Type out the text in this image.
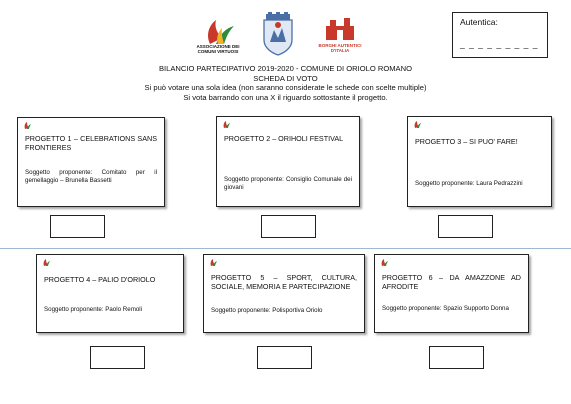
ASSOCIAZIONE DEI COMUNI VIRTUOSI
BORGHI AUTENTICI D'ITALIA
Autentica:
_ _ _ _ _ _ _ _ _
BILANCIO PARTECIPATIVO 2019-2020 - COMUNE DI ORIOLO ROMANO
SCHEDA DI VOTO
Si può votare una sola idea (non saranno considerate le schede con scelte multiple)
Si vota barrando con una X il riguardo sottostante il progetto.
PROGETTO 1 – CELEBRATIONS SANS FRONTIERES
Soggetto proponente: Comitato per il gemellaggio – Brunella Bassetti
PROGETTO 2 – ORIHOLI FESTIVAL
Soggetto proponente: Consiglio Comunale dei giovani
PROGETTO 3 – SI PUO' FARE!
Soggetto proponente: Laura Pedrazzini
PROGETTO 4 – PALIO D'ORIOLO
Soggetto proponente: Paolo Remoli
PROGETTO 5 – SPORT, CULTURA, SOCIALE, MEMORIA E PARTECIPAZIONE
Soggetto proponente: Polisportiva Oriolo
PROGETTO 6 – DA AMAZZONE AD AFRODITE
Soggetto proponente: Spazio Supporto Donna
